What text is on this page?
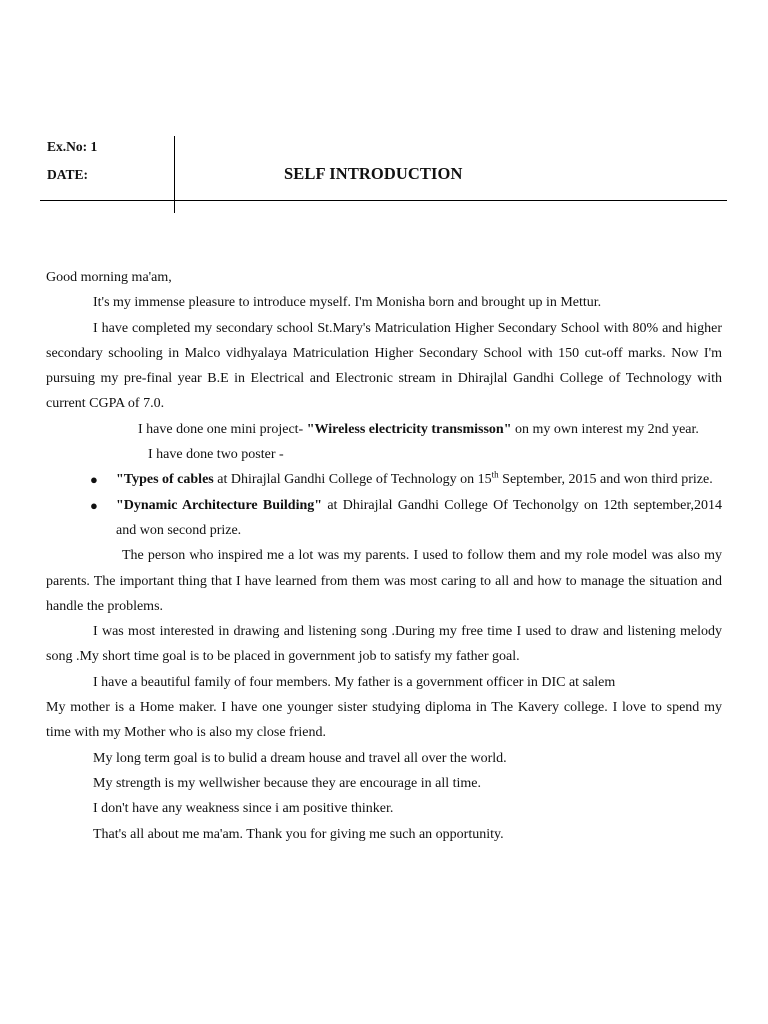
Ex.No: 1
DATE:	SELF INTRODUCTION

Good morning ma'am,

It's my immense pleasure to introduce myself. I'm Monisha born and brought up in Mettur.

I have completed my secondary school St.Mary's Matriculation Higher Secondary School with 80% and higher secondary schooling in Malco vidhyalaya Matriculation Higher Secondary School with 150 cut-off marks. Now I'm pursuing my pre-final year B.E in Electrical and Electronic stream in Dhirajlal Gandhi College of Technology with current CGPA of 7.0.

I have done one mini project- "Wireless electricity transmisson" on my own interest my 2nd year.

I have done two poster -

● "Types of cables at Dhirajlal Gandhi College of Technology on 15th September, 2015 and won third prize.
● "Dynamic Architecture Building" at Dhirajlal Gandhi College Of Techonolgy on 12th september,2014 and won second prize.

The person who inspired me a lot was my parents. I used to follow them and my role model was also my parents. The important thing that I have learned from them was most caring to all and how to manage the situation and handle the problems.

I was most interested in drawing and listening song .During my free time I used to draw and listening melody song .My short time goal is to be placed in government job to satisfy my father goal.

I have a beautiful family of four members. My father is a government officer in DIC at salem

My mother is a Home maker. I have one younger sister studying diploma in The Kavery college. I love to spend my time with my Mother who is also my close friend.

My long term goal is to bulid a dream house and travel all over the world.

My strength is my wellwisher because they are encourage in all time.

I don't have any weakness since i am positive thinker.

That's all about me ma'am. Thank you for giving me such an opportunity.
